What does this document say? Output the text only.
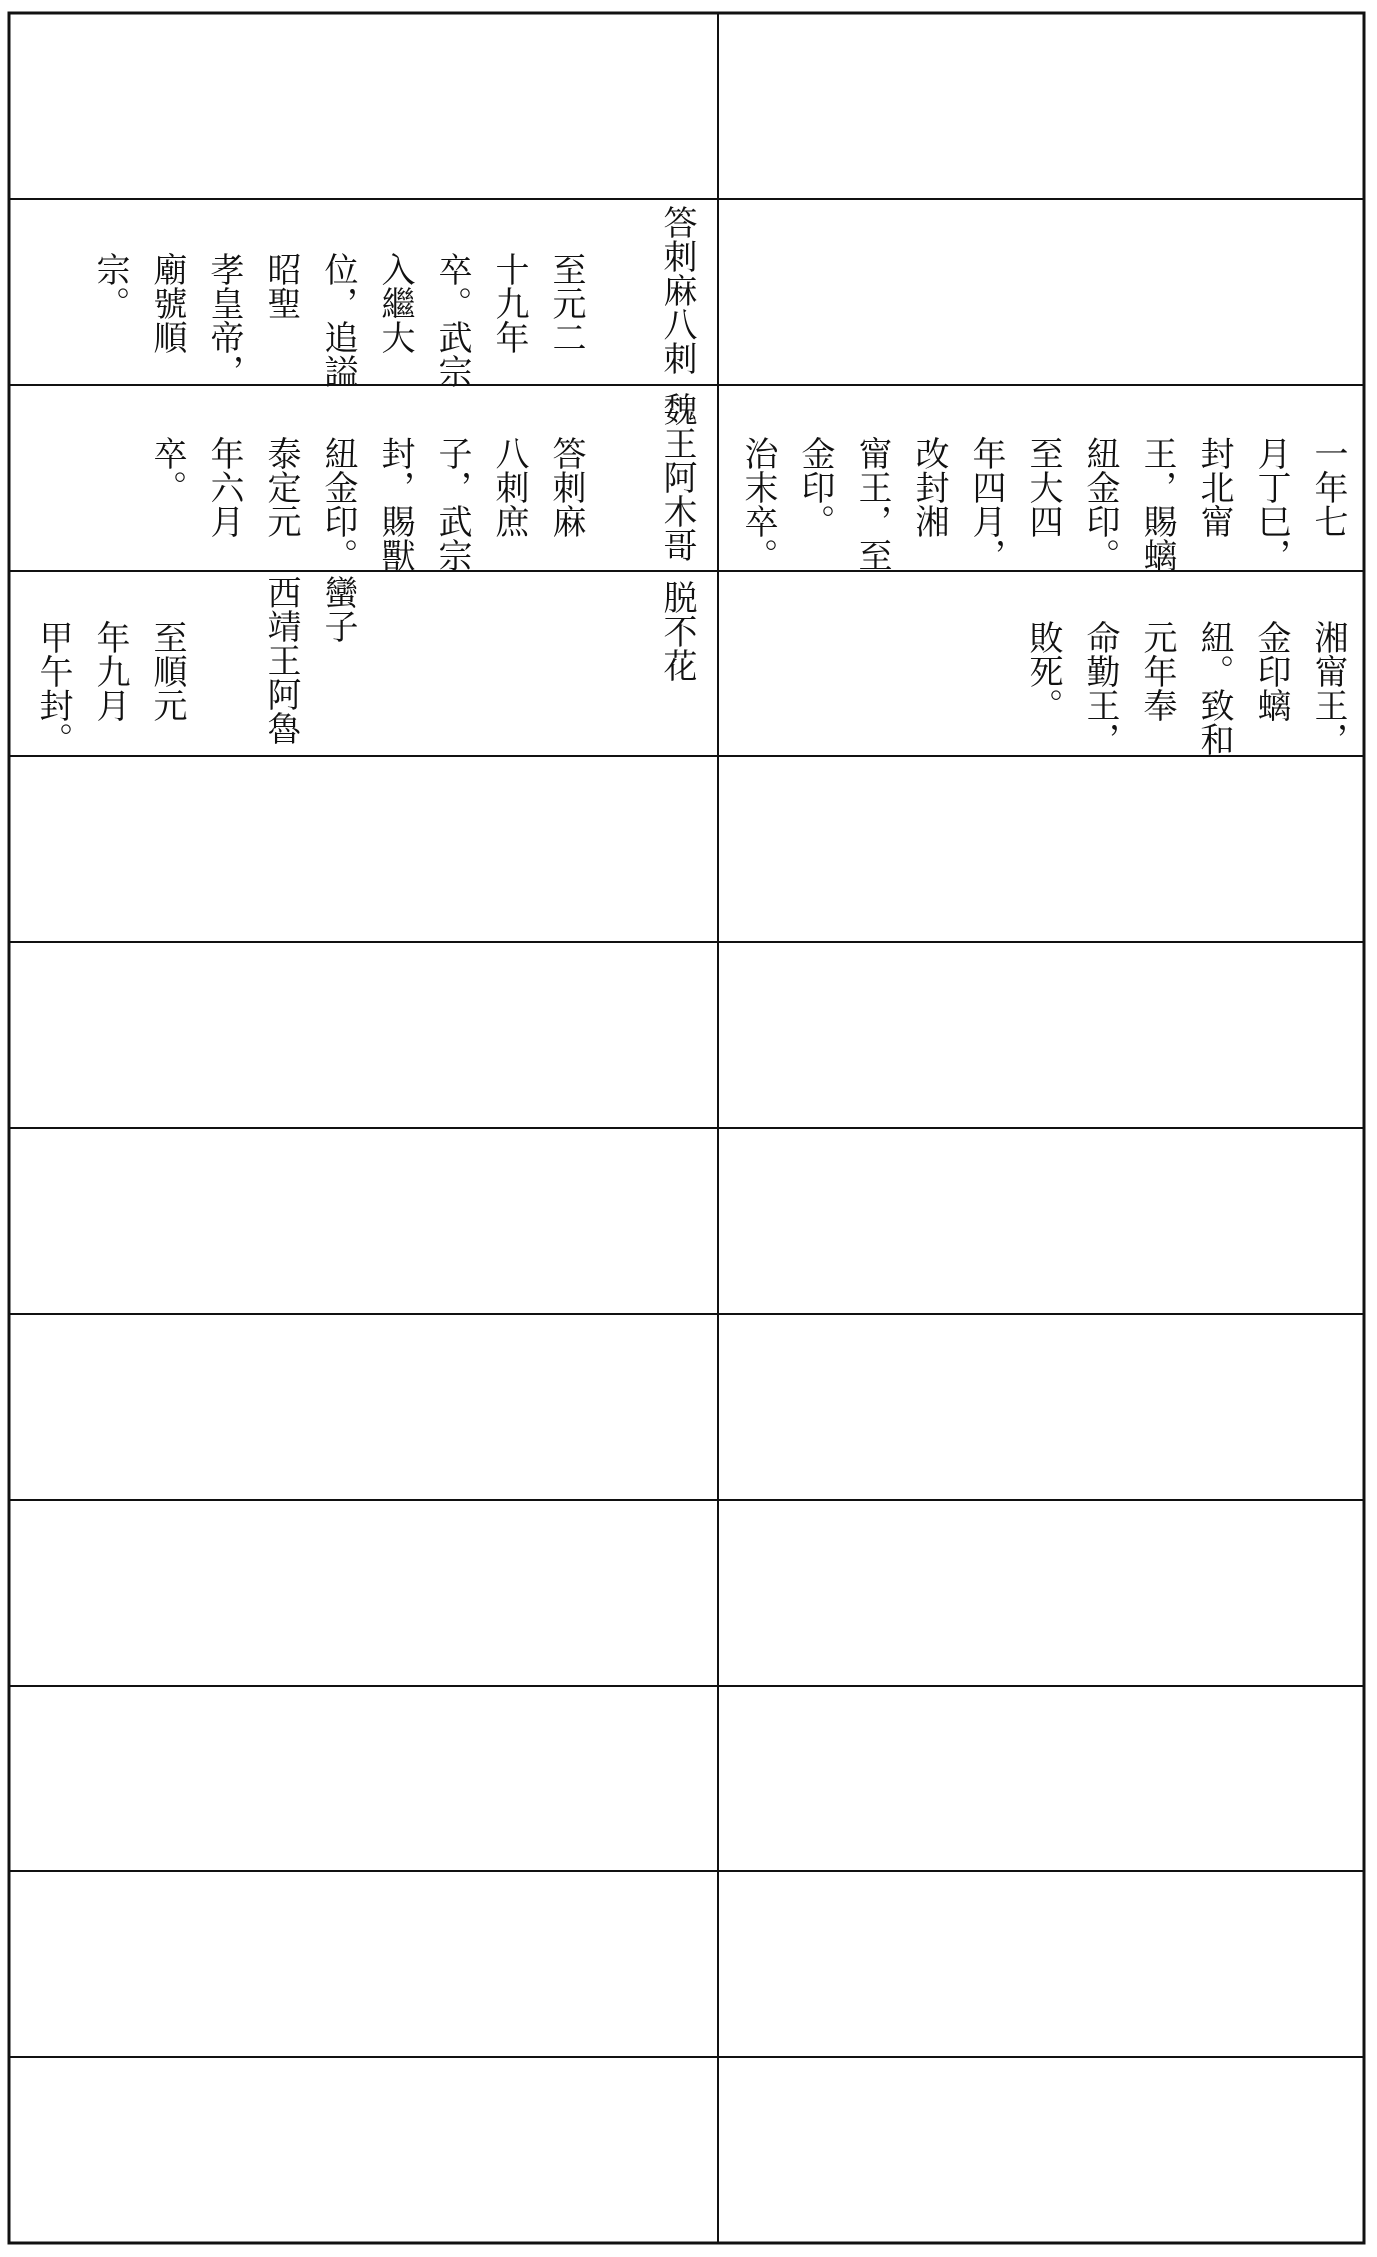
答刺麻八刺
至元二
十九年
卒。武宗
入繼大
位，追謚
昭聖
孝皇帝，
廟號順
宗。
魏王阿木哥
答刺麻
八刺庶
子，武宗
封，賜獸
紐金印。
泰定元
年六月
卒。	一年七
月丁巳，
封北甯
王，賜螭
紐金印。
至大四
年四月，
改封湘
甯王，至
金印。
治末卒。
脱不花
蠻子
西靖王阿魯
至順元
年九月
甲午封。	湘甯王，
金印螭
紐。致和
元年奉
命勤王，
敗死。
